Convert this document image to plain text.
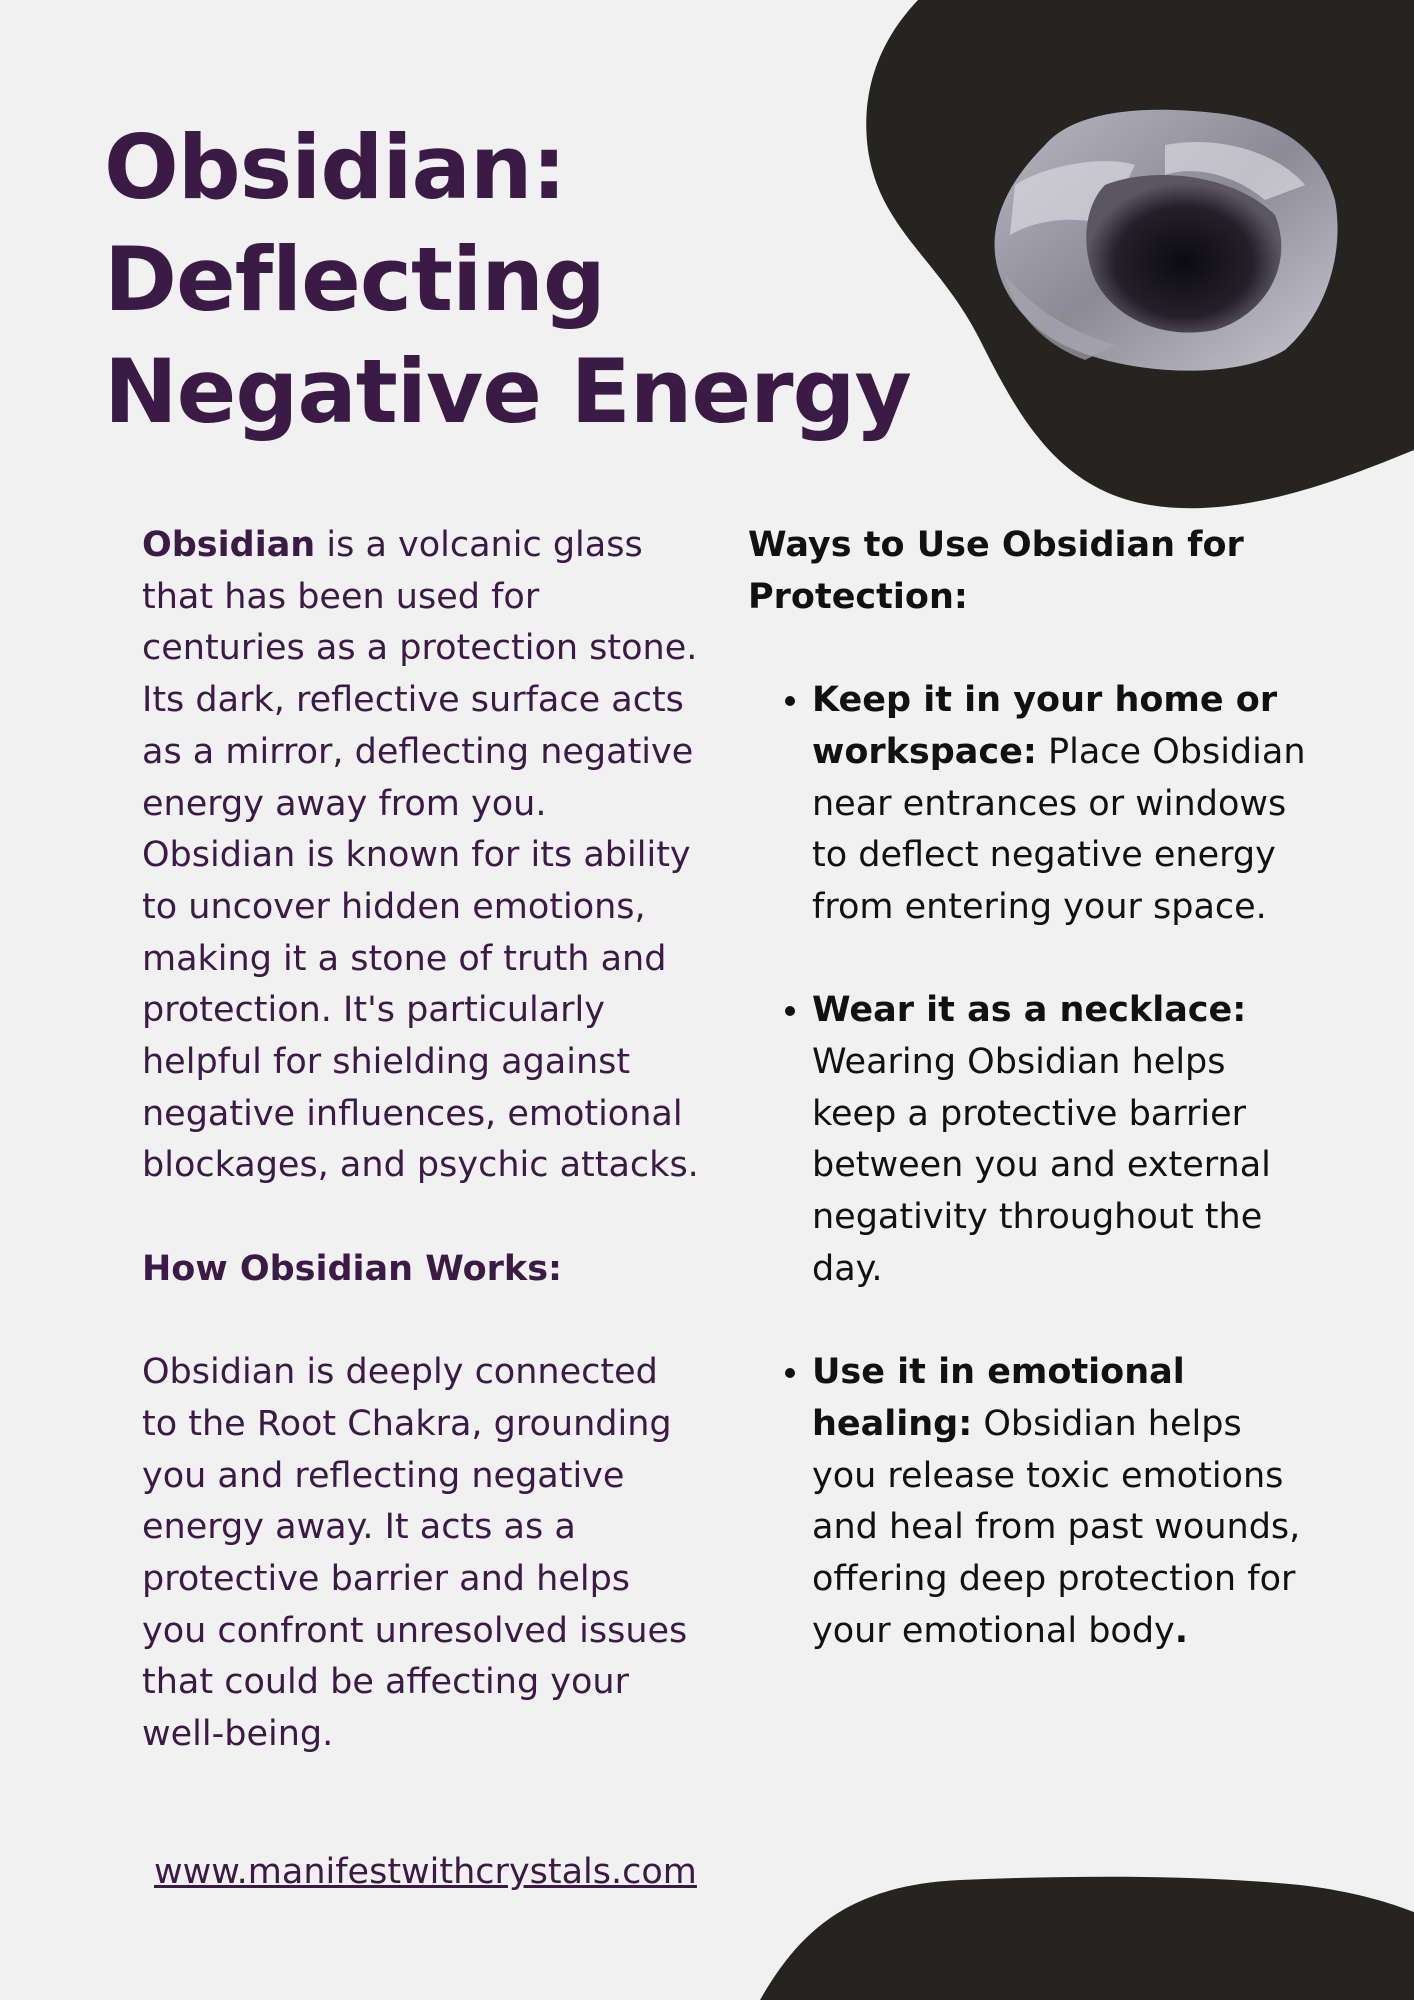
Obsidian:
Deflecting
Negative Energy

Obsidian is a volcanic glass that has been used for centuries as a protection stone. Its dark, reflective surface acts as a mirror, deflecting negative energy away from you. Obsidian is known for its ability to uncover hidden emotions, making it a stone of truth and protection. It's particularly helpful for shielding against negative influences, emotional blockages, and psychic attacks.

How Obsidian Works:

Obsidian is deeply connected to the Root Chakra, grounding you and reflecting negative energy away. It acts as a protective barrier and helps you confront unresolved issues that could be affecting your well-being.

Ways to Use Obsidian for Protection:

• Keep it in your home or workspace: Place Obsidian near entrances or windows to deflect negative energy from entering your space.
• Wear it as a necklace: Wearing Obsidian helps keep a protective barrier between you and external negativity throughout the day.
• Use it in emotional healing: Obsidian helps you release toxic emotions and heal from past wounds, offering deep protection for your emotional body.
www.manifestwithcrystals.com
